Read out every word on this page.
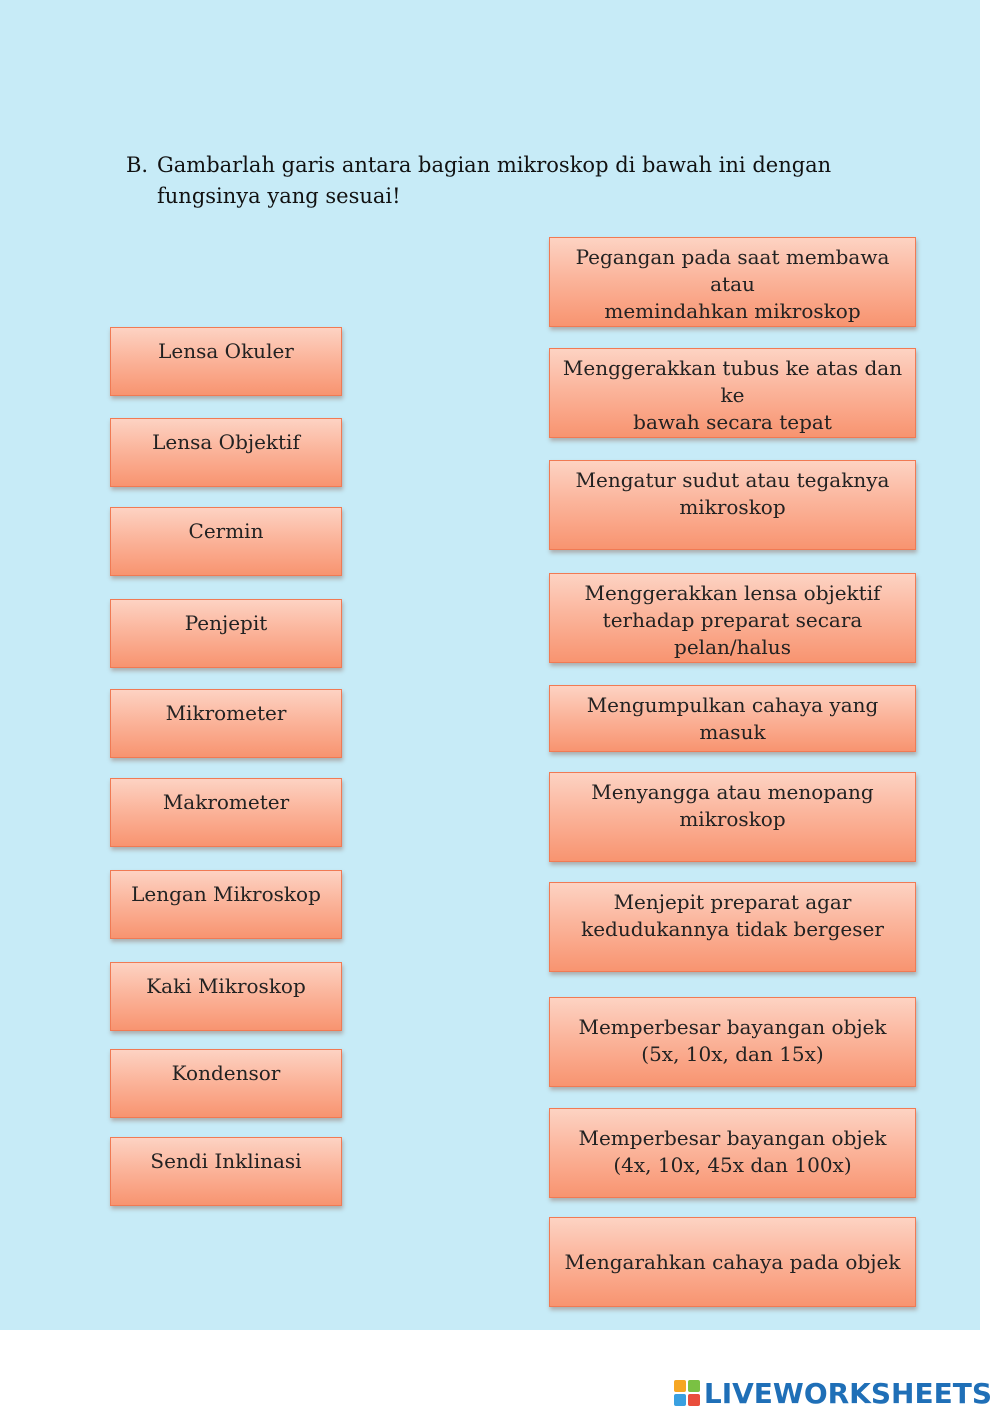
B. Gambarlah garis antara bagian mikroskop di bawah ini dengan fungsinya yang sesuai!
Lensa Okuler
Lensa Objektif
Cermin
Penjepit
Mikrometer
Makrometer
Lengan Mikroskop
Kaki Mikroskop
Kondensor
Sendi Inklinasi
Pegangan pada saat membawa atau
memindahkan mikroskop
Menggerakkan tubus ke atas dan ke
bawah secara tepat
Mengatur sudut atau tegaknya
mikroskop
Menggerakkan lensa objektif
terhadap preparat secara pelan/halus
Mengumpulkan cahaya yang masuk
Menyangga atau menopang
mikroskop
Menjepit preparat agar
kedudukannya tidak bergeser
Memperbesar bayangan objek
(5x, 10x, dan 15x)
Memperbesar bayangan objek
(4x, 10x, 45x dan 100x)
Mengarahkan cahaya pada objek
LIVEWORKSHEETS
